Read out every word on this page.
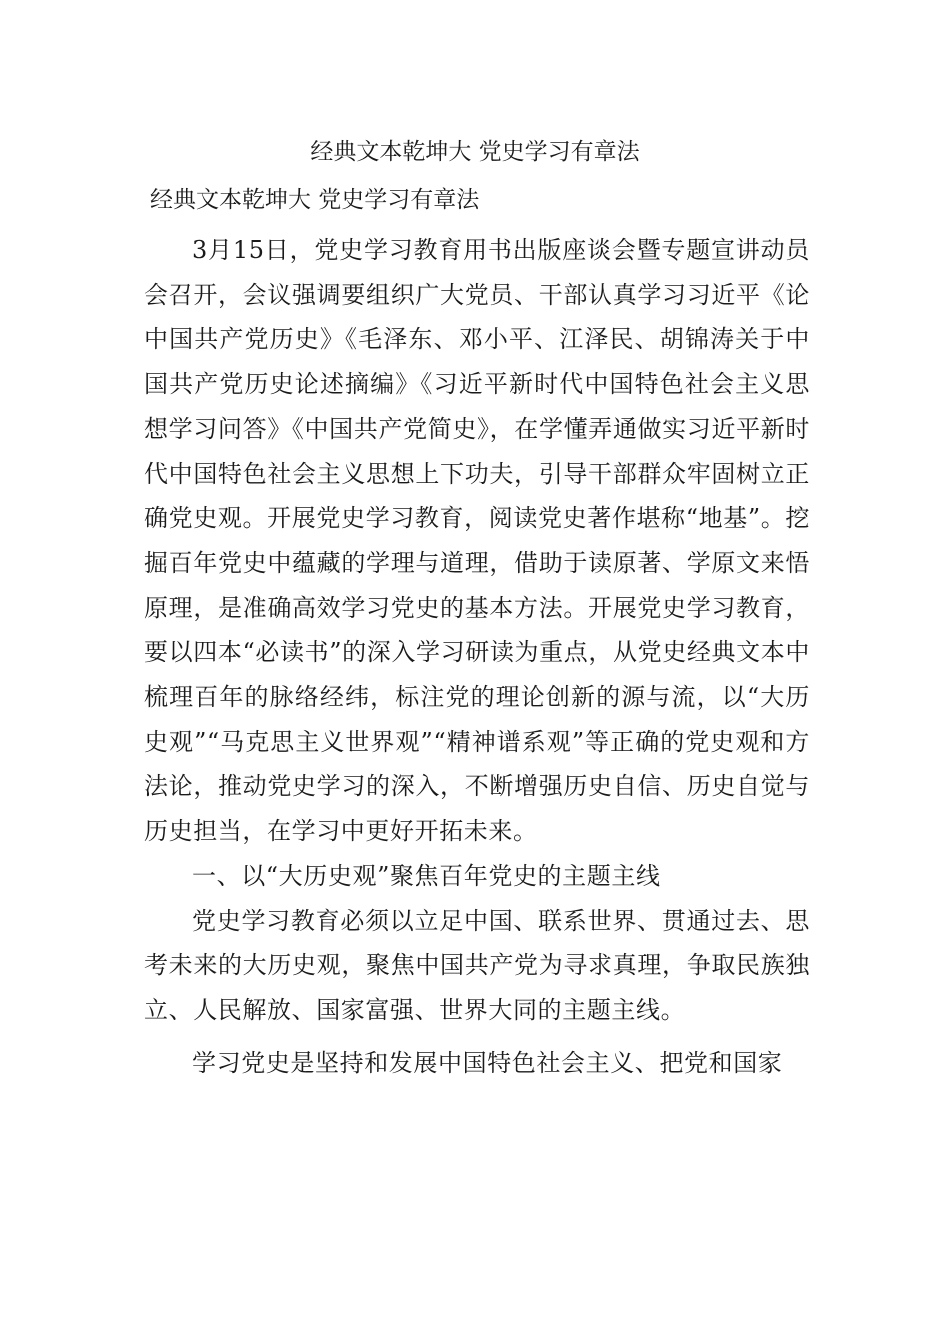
经典文本乾坤大 党史学习有章法
经典文本乾坤大 党史学习有章法

3月15日，党史学习教育用书出版座谈会暨专题宣讲动员会召开，会议强调要组织广大党员、干部认真学习习近平《论中国共产党历史》《毛泽东、邓小平、江泽民、胡锦涛关于中国共产党历史论述摘编》《习近平新时代中国特色社会主义思想学习问答》《中国共产党简史》，在学懂弄通做实习近平新时代中国特色社会主义思想上下功夫，引导干部群众牢固树立正确党史观。开展党史学习教育，阅读党史著作堪称“地基”。挖掘百年党史中蕴藏的学理与道理，借助于读原著、学原文来悟原理，是准确高效学习党史的基本方法。开展党史学习教育，要以四本“必读书”的深入学习研读为重点，从党史经典文本中梳理百年的脉络经纬，标注党的理论创新的源与流，以“大历史观”“马克思主义世界观”“精神谱系观”等正确的党史观和方法论，推动党史学习的深入，不断增强历史自信、历史自觉与历史担当，在学习中更好开拓未来。

一、以“大历史观”聚焦百年党史的主题主线

党史学习教育必须以立足中国、联系世界、贯通过去、思考未来的大历史观，聚焦中国共产党为寻求真理，争取民族独立、人民解放、国家富强、世界大同的主题主线。

学习党史是坚持和发展中国特色社会主义、把党和国家
